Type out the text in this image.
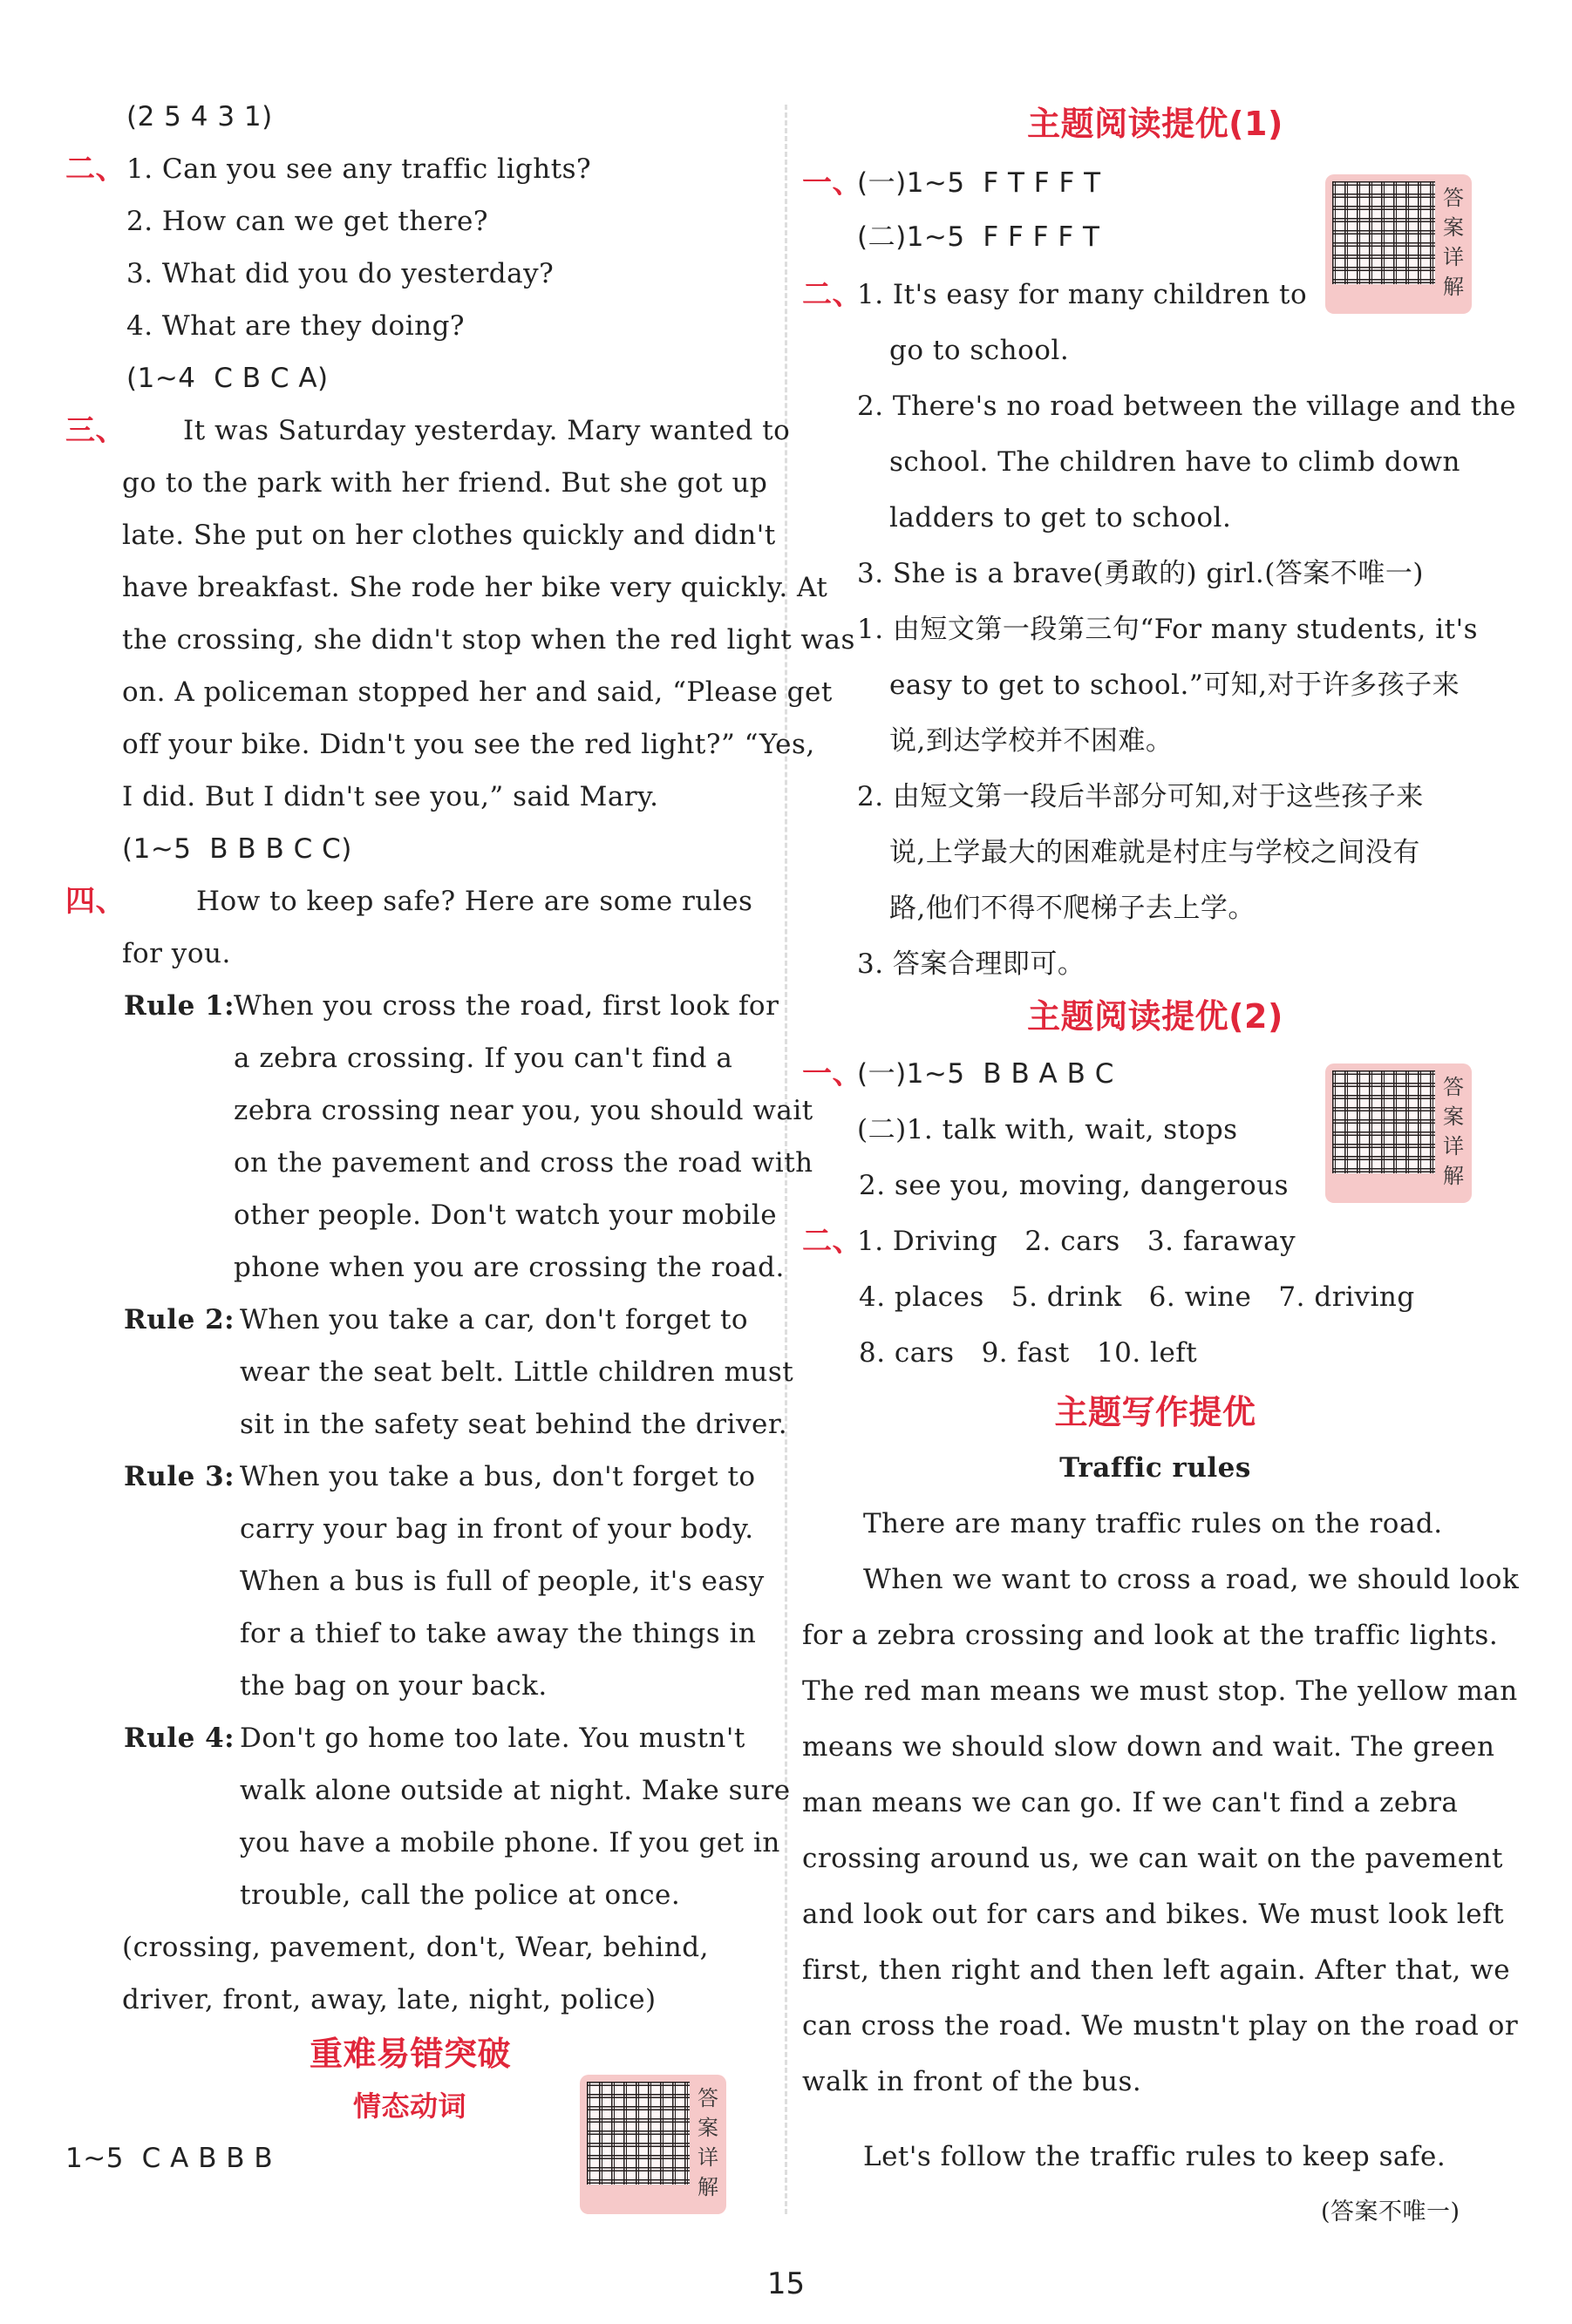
(2 5 4 3 1)
二、 1. Can you see any traffic lights?
2. How can we get there?
3. What did you do yesterday?
4. What are they doing?
(1~4  C B C A)
三、 It was Saturday yesterday. Mary wanted to
go to the park with her friend. But she got up
late. She put on her clothes quickly and didn't
have breakfast. She rode her bike very quickly. At
the crossing, she didn't stop when the red light was
on. A policeman stopped her and said, “Please get
off your bike. Didn't you see the red light?” “Yes,
I did. But I didn't see you,” said Mary.
(1~5  B B B C C)
四、	How to keep safe? Here are some rules
for you.
Rule 1:
When you cross the road, first look for
a zebra crossing. If you can't find a
zebra crossing near you, you should wait
on the pavement and cross the road with
other people. Don't watch your mobile
phone when you are crossing the road.
Rule 2: When you take a car, don't forget to
wear the seat belt. Little children must
sit in the safety seat behind the driver.
Rule 3: When you take a bus, don't forget to
carry your bag in front of your body.
When a bus is full of people, it's easy
for a thief to take away the things in
the bag on your back.
Rule 4: Don't go home too late. You mustn't
walk alone outside at night. Make sure
you have a mobile phone. If you get in
trouble, call the police at once.
(crossing, pavement, don't, Wear, behind,
driver, front, away, late, night, police)
重难易错突破
情态动词
1~5  C A B B B
答案详解
主题阅读提优(1)
一、
(一)1~5  F T F F T
(二)1~5  F F F F T
二、
1. It's easy for many children to
go to school.
2. There's no road between the village and the
school. The children have to climb down
ladders to get to school.
3. She is a brave(勇敢的) girl.(答案不唯一)
1. 由短文第一段第三句“For many students, it's
easy to get to school.”可知,对于许多孩子来
说,到达学校并不困难。
2. 由短文第一段后半部分可知,对于这些孩子来
说,上学最大的困难就是村庄与学校之间没有
路,他们不得不爬梯子去上学。
3. 答案合理即可。
答案详解
主题阅读提优(2)
一、
(一)1~5  B B A B C
(二)1. talk with, wait, stops
2. see you, moving, dangerous
答案详解
二、
1. Driving   2. cars   3. faraway
4. places   5. drink   6. wine   7. driving
8. cars   9. fast   10. left
主题写作提优
Traffic rules
There are many traffic rules on the road.
When we want to cross a road, we should look
for a zebra crossing and look at the traffic lights.
The red man means we must stop. The yellow man
means we should slow down and wait. The green
man means we can go. If we can't find a zebra
crossing around us, we can wait on the pavement
and look out for cars and bikes. We must look left
first, then right and then left again. After that, we
can cross the road. We mustn't play on the road or
walk in front of the bus.
Let's follow the traffic rules to keep safe.
(答案不唯一)
15
